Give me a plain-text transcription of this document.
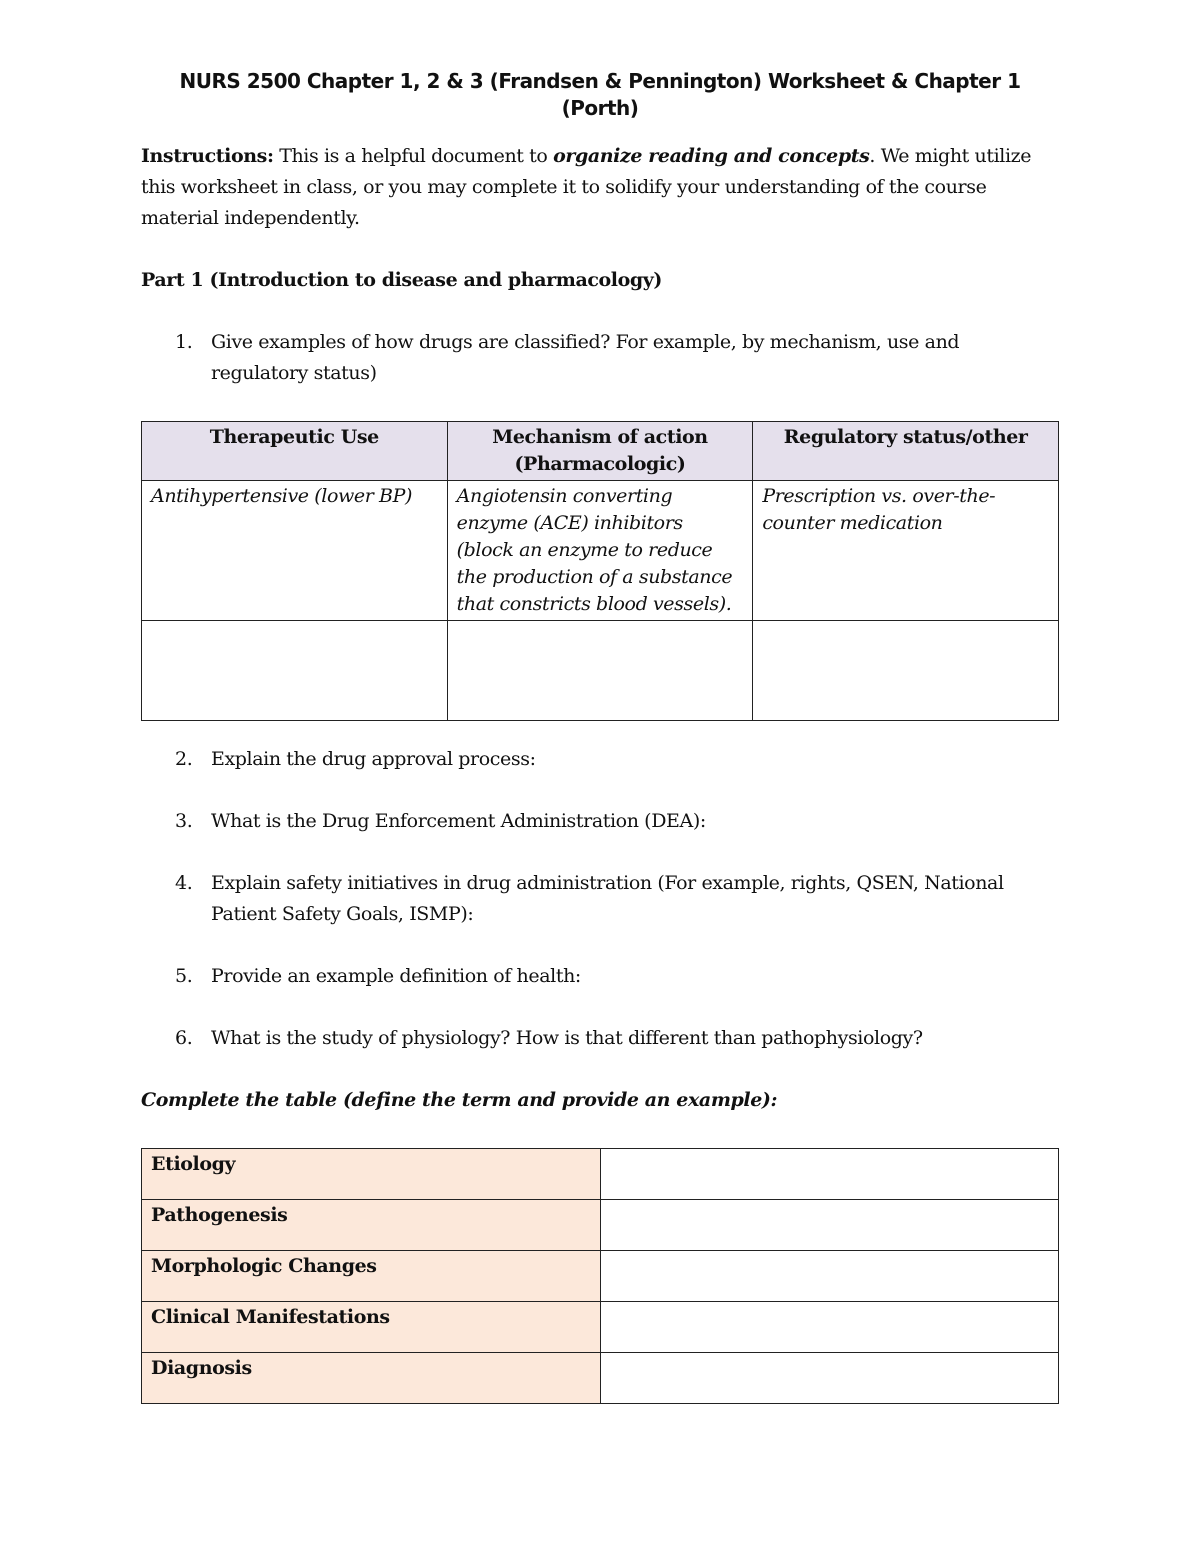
NURS 2500 Chapter 1, 2 & 3 (Frandsen & Pennington) Worksheet & Chapter 1
(Porth)
Instructions: This is a helpful document to organize reading and concepts. We might utilize this worksheet in class, or you may complete it to solidify your understanding of the course material independently.
Part 1 (Introduction to disease and pharmacology)
1. Give examples of how drugs are classified? For example, by mechanism, use and regulatory status)
Therapeutic Use	Mechanism of action (Pharmacologic)	Regulatory status/other
Antihypertensive (lower BP)	Angiotensin converting enzyme (ACE) inhibitors (block an enzyme to reduce the production of a substance that constricts blood vessels).	Prescription vs. over-the-counter medication

2. Explain the drug approval process:
3. What is the Drug Enforcement Administration (DEA):
4. Explain safety initiatives in drug administration (For example, rights, QSEN, National Patient Safety Goals, ISMP):
5. Provide an example definition of health:
6. What is the study of physiology? How is that different than pathophysiology?
Complete the table (define the term and provide an example):
Etiology	
Pathogenesis	
Morphologic Changes	
Clinical Manifestations	
Diagnosis	
